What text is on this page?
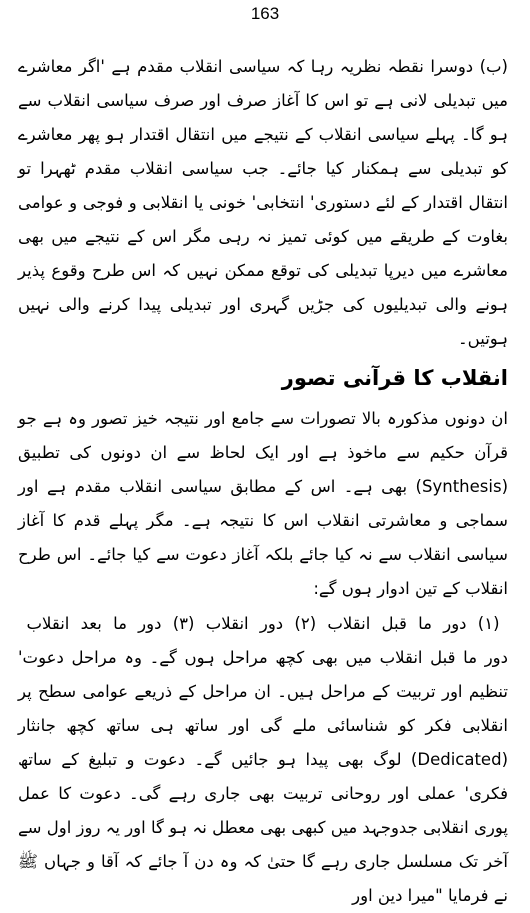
163

(ب) دوسرا نقطہ نظریہ رہا کہ سیاسی انقلاب مقدم ہے 'اگر معاشرے میں تبدیلی لانی ہے تو اس کا آغاز صرف اور صرف سیاسی انقلاب سے ہو گا۔ پہلے سیاسی انقلاب کے نتیجے میں انتقال اقتدار ہو پھر معاشرے کو تبدیلی سے ہمکنار کیا جائے۔ جب سیاسی انقلاب مقدم ٹھہرا تو انتقال اقتدار کے لئے دستوری' انتخابی' خونی یا انقلابی و فوجی و عوامی بغاوت کے طریقے میں کوئی تمیز نہ رہی مگر اس کے نتیجے میں بھی معاشرے میں دیرپا تبدیلی کی توقع ممکن نہیں کہ اس طرح وقوع پذیر ہونے والی تبدیلیوں کی جڑیں گہری اور تبدیلی پیدا کرنے والی نہیں ہوتیں۔

انقلاب کا قرآنی تصور

ان دونوں مذکورہ بالا تصورات سے جامع اور نتیجہ خیز تصور وہ ہے جو قرآن حکیم سے ماخوذ ہے اور ایک لحاظ سے ان دونوں کی تطبیق (Synthesis) بھی ہے۔ اس کے مطابق سیاسی انقلاب مقدم ہے اور سماجی و معاشرتی انقلاب اس کا نتیجہ ہے۔ مگر پہلے قدم کا آغاز سیاسی انقلاب سے نہ کیا جائے بلکہ آغاز دعوت سے کیا جائے۔ اس طرح انقلاب کے تین ادوار ہوں گے:

(۱) دور ما قبل انقلاب (۲) دور انقلاب (۳) دور ما بعد انقلاب

دور ما قبل انقلاب میں بھی کچھ مراحل ہوں گے۔ وہ مراحل دعوت' تنظیم اور تربیت کے مراحل ہیں۔ ان مراحل کے ذریعے عوامی سطح پر انقلابی فکر کو شناسائی ملے گی اور ساتھ ہی ساتھ کچھ جانثار (Dedicated) لوگ بھی پیدا ہو جائیں گے۔ دعوت و تبلیغ کے ساتھ فکری' عملی اور روحانی تربیت بھی جاری رہے گی۔ دعوت کا عمل پوری انقلابی جدوجہد میں کبھی بھی معطل نہ ہو گا اور یہ روز اول سے آخر تک مسلسل جاری رہے گا حتیٰ کہ وہ دن آ جائے کہ آقا و جہاں ﷺ نے فرمایا "میرا دین اور
